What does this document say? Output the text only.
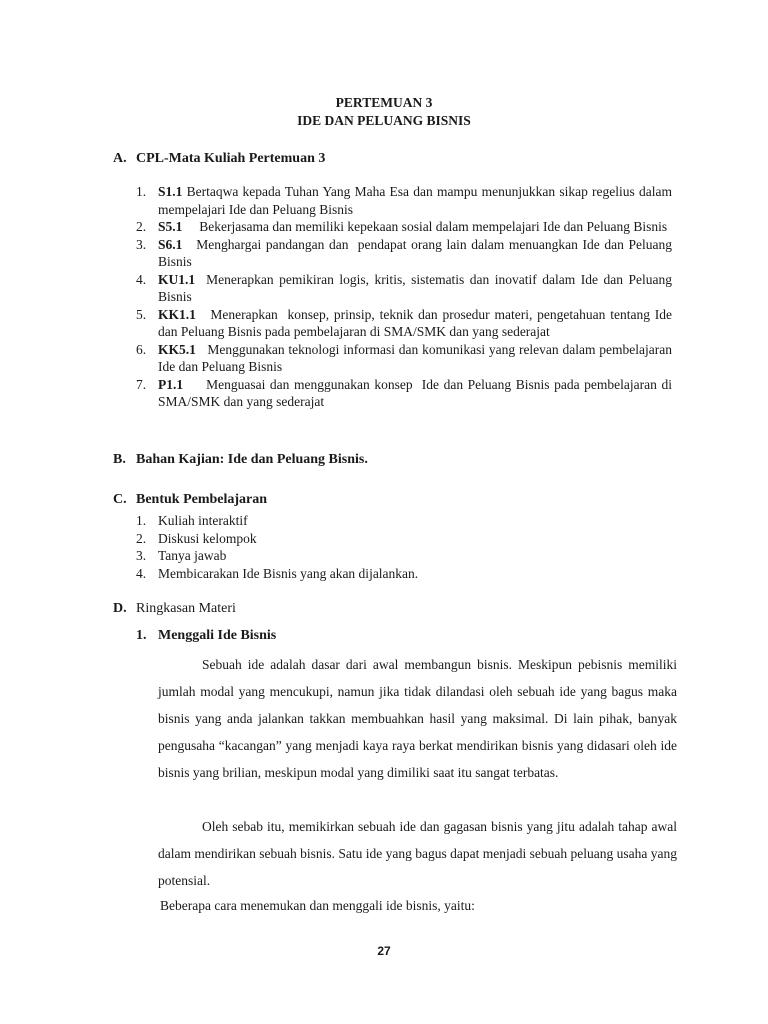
PERTEMUAN 3
IDE DAN PELUANG BISNIS
A. CPL-Mata Kuliah Pertemuan 3
1. S1.1 Bertaqwa kepada Tuhan Yang Maha Esa dan mampu menunjukkan sikap regelius dalam mempelajari Ide dan Peluang Bisnis
2. S5.1     Bekerjasama dan memiliki kepekaan sosial dalam mempelajari Ide dan Peluang Bisnis
3. S6.1   Menghargai pandangan dan  pendapat orang lain dalam menuangkan Ide dan Peluang Bisnis
4. KU1.1  Menerapkan pemikiran logis, kritis, sistematis dan inovatif dalam Ide dan Peluang Bisnis
5. KK1.1   Menerapkan  konsep, prinsip, teknik dan prosedur materi, pengetahuan tentang Ide dan Peluang Bisnis pada pembelajaran di SMA/SMK dan yang sederajat
6. KK5.1   Menggunakan teknologi informasi dan komunikasi yang relevan dalam pembelajaran Ide dan Peluang Bisnis
7. P1.1     Menguasai dan menggunakan konsep  Ide dan Peluang Bisnis pada pembelajaran di SMA/SMK dan yang sederajat
B. Bahan Kajian: Ide dan Peluang Bisnis.
C. Bentuk Pembelajaran
1. Kuliah interaktif
2. Diskusi kelompok
3. Tanya jawab
4. Membicarakan Ide Bisnis yang akan dijalankan.
D. Ringkasan Materi
1. Menggali Ide Bisnis

Sebuah ide adalah dasar dari awal membangun bisnis. Meskipun pebisnis memiliki jumlah modal yang mencukupi, namun jika tidak dilandasi oleh sebuah ide yang bagus maka bisnis yang anda jalankan takkan membuahkan hasil yang maksimal. Di lain pihak, banyak pengusaha “kacangan” yang menjadi kaya raya berkat mendirikan bisnis yang didasari oleh ide bisnis yang brilian, meskipun modal yang dimiliki saat itu sangat terbatas.

Oleh sebab itu, memikirkan sebuah ide dan gagasan bisnis yang jitu adalah tahap awal dalam mendirikan sebuah bisnis. Satu ide yang bagus dapat menjadi sebuah peluang usaha yang potensial.

Beberapa cara menemukan dan menggali ide bisnis, yaitu:
27
